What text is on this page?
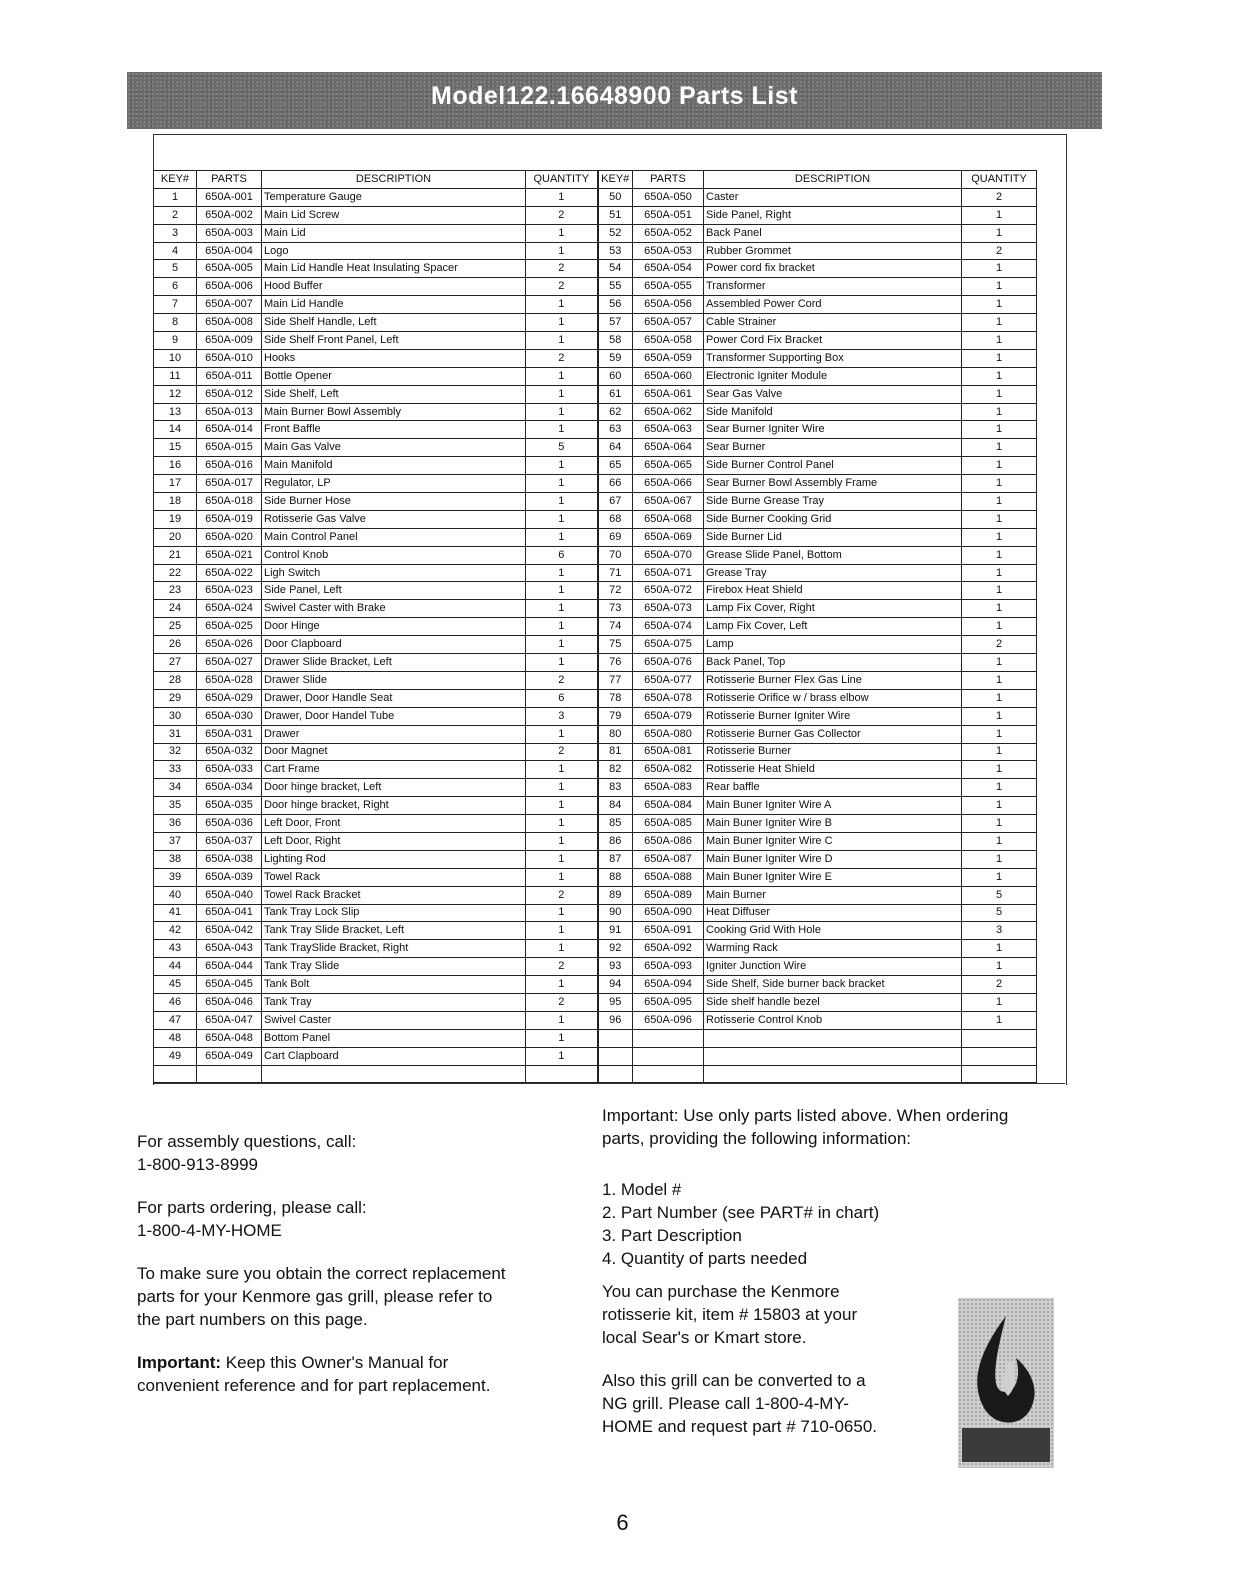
Model122.16648900 Parts List
KEY#	PARTS	DESCRIPTION	QUANTITY	KEY#	PARTS	DESCRIPTION	QUANTITY
1	650A-001	Temperature Gauge	1	50	650A-050	Caster	2
2	650A-002	Main Lid Screw	2	51	650A-051	Side Panel, Right	1
3	650A-003	Main Lid	1	52	650A-052	Back Panel	1
4	650A-004	Logo	1	53	650A-053	Rubber Grommet	2
5	650A-005	Main Lid Handle Heat Insulating Spacer	2	54	650A-054	Power cord fix bracket	1
6	650A-006	Hood Buffer	2	55	650A-055	Transformer	1
7	650A-007	Main Lid Handle	1	56	650A-056	Assembled Power Cord	1
8	650A-008	Side Shelf Handle, Left	1	57	650A-057	Cable Strainer	1
9	650A-009	Side Shelf Front Panel, Left	1	58	650A-058	Power Cord Fix Bracket	1
10	650A-010	Hooks	2	59	650A-059	Transformer Supporting Box	1
11	650A-011	Bottle Opener	1	60	650A-060	Electronic Igniter Module	1
12	650A-012	Side Shelf, Left	1	61	650A-061	Sear Gas Valve	1
13	650A-013	Main Burner Bowl Assembly	1	62	650A-062	Side Manifold	1
14	650A-014	Front Baffle	1	63	650A-063	Sear Burner Igniter Wire	1
15	650A-015	Main Gas Valve	5	64	650A-064	Sear Burner	1
16	650A-016	Main Manifold	1	65	650A-065	Side Burner Control Panel	1
17	650A-017	Regulator, LP	1	66	650A-066	Sear Burner Bowl Assembly Frame	1
18	650A-018	Side Burner Hose	1	67	650A-067	Side Burne Grease Tray	1
19	650A-019	Rotisserie Gas Valve	1	68	650A-068	Side Burner Cooking Grid	1
20	650A-020	Main Control Panel	1	69	650A-069	Side Burner Lid	1
21	650A-021	Control Knob	6	70	650A-070	Grease Slide Panel, Bottom	1
22	650A-022	Ligh Switch	1	71	650A-071	Grease Tray	1
23	650A-023	Side Panel, Left	1	72	650A-072	Firebox Heat Shield	1
24	650A-024	Swivel Caster with Brake	1	73	650A-073	Lamp Fix Cover, Right	1
25	650A-025	Door Hinge	1	74	650A-074	Lamp Fix Cover, Left	1
26	650A-026	Door Clapboard	1	75	650A-075	Lamp	2
27	650A-027	Drawer Slide Bracket, Left	1	76	650A-076	Back Panel, Top	1
28	650A-028	Drawer Slide	2	77	650A-077	Rotisserie Burner Flex Gas Line	1
29	650A-029	Drawer, Door Handle Seat	6	78	650A-078	Rotisserie Orifice w / brass elbow	1
30	650A-030	Drawer, Door Handel Tube	3	79	650A-079	Rotisserie Burner Igniter Wire	1
31	650A-031	Drawer	1	80	650A-080	Rotisserie Burner Gas Collector	1
32	650A-032	Door Magnet	2	81	650A-081	Rotisserie Burner	1
33	650A-033	Cart Frame	1	82	650A-082	Rotisserie Heat Shield	1
34	650A-034	Door hinge bracket, Left	1	83	650A-083	Rear baffle	1
35	650A-035	Door hinge bracket, Right	1	84	650A-084	Main Buner Igniter Wire A	1
36	650A-036	Left Door, Front	1	85	650A-085	Main Buner Igniter Wire B	1
37	650A-037	Left Door, Right	1	86	650A-086	Main Buner Igniter Wire C	1
38	650A-038	Lighting Rod	1	87	650A-087	Main Buner Igniter Wire D	1
39	650A-039	Towel Rack	1	88	650A-088	Main Buner Igniter Wire E	1
40	650A-040	Towel Rack Bracket	2	89	650A-089	Main Burner	5
41	650A-041	Tank Tray Lock Slip	1	90	650A-090	Heat Diffuser	5
42	650A-042	Tank Tray Slide Bracket, Left	1	91	650A-091	Cooking Grid With Hole	3
43	650A-043	Tank TraySlide Bracket, Right	1	92	650A-092	Warming Rack	1
44	650A-044	Tank Tray Slide	2	93	650A-093	Igniter Junction Wire	1
45	650A-045	Tank Bolt	1	94	650A-094	Side Shelf, Side burner back bracket	2
46	650A-046	Tank Tray	2	95	650A-095	Side shelf handle bezel	1
47	650A-047	Swivel Caster	1	96	650A-096	Rotisserie Control Knob	1
48	650A-048	Bottom Panel	1				
49	650A-049	Cart Clapboard	1				

For assembly questions, call:

1-800-913-8999

For parts ordering, please call:

1-800-4-MY-HOME

To make sure you obtain the correct replacement

parts for your Kenmore gas grill, please refer to

the part numbers on this page.

Important: Keep this Owner's Manual for

convenient reference and for part replacement.

Important: Use only parts listed above. When ordering

parts, providing the following information:

1. Model #

2. Part Number (see PART# in chart)

3. Part Description

4. Quantity of parts needed

You can purchase the Kenmore

rotisserie kit, item # 15803 at your

local Sear's or Kmart store.

Also this grill can be converted to a

NG grill. Please call 1-800-4-MY-

HOME and request part # 710-0650.

6
